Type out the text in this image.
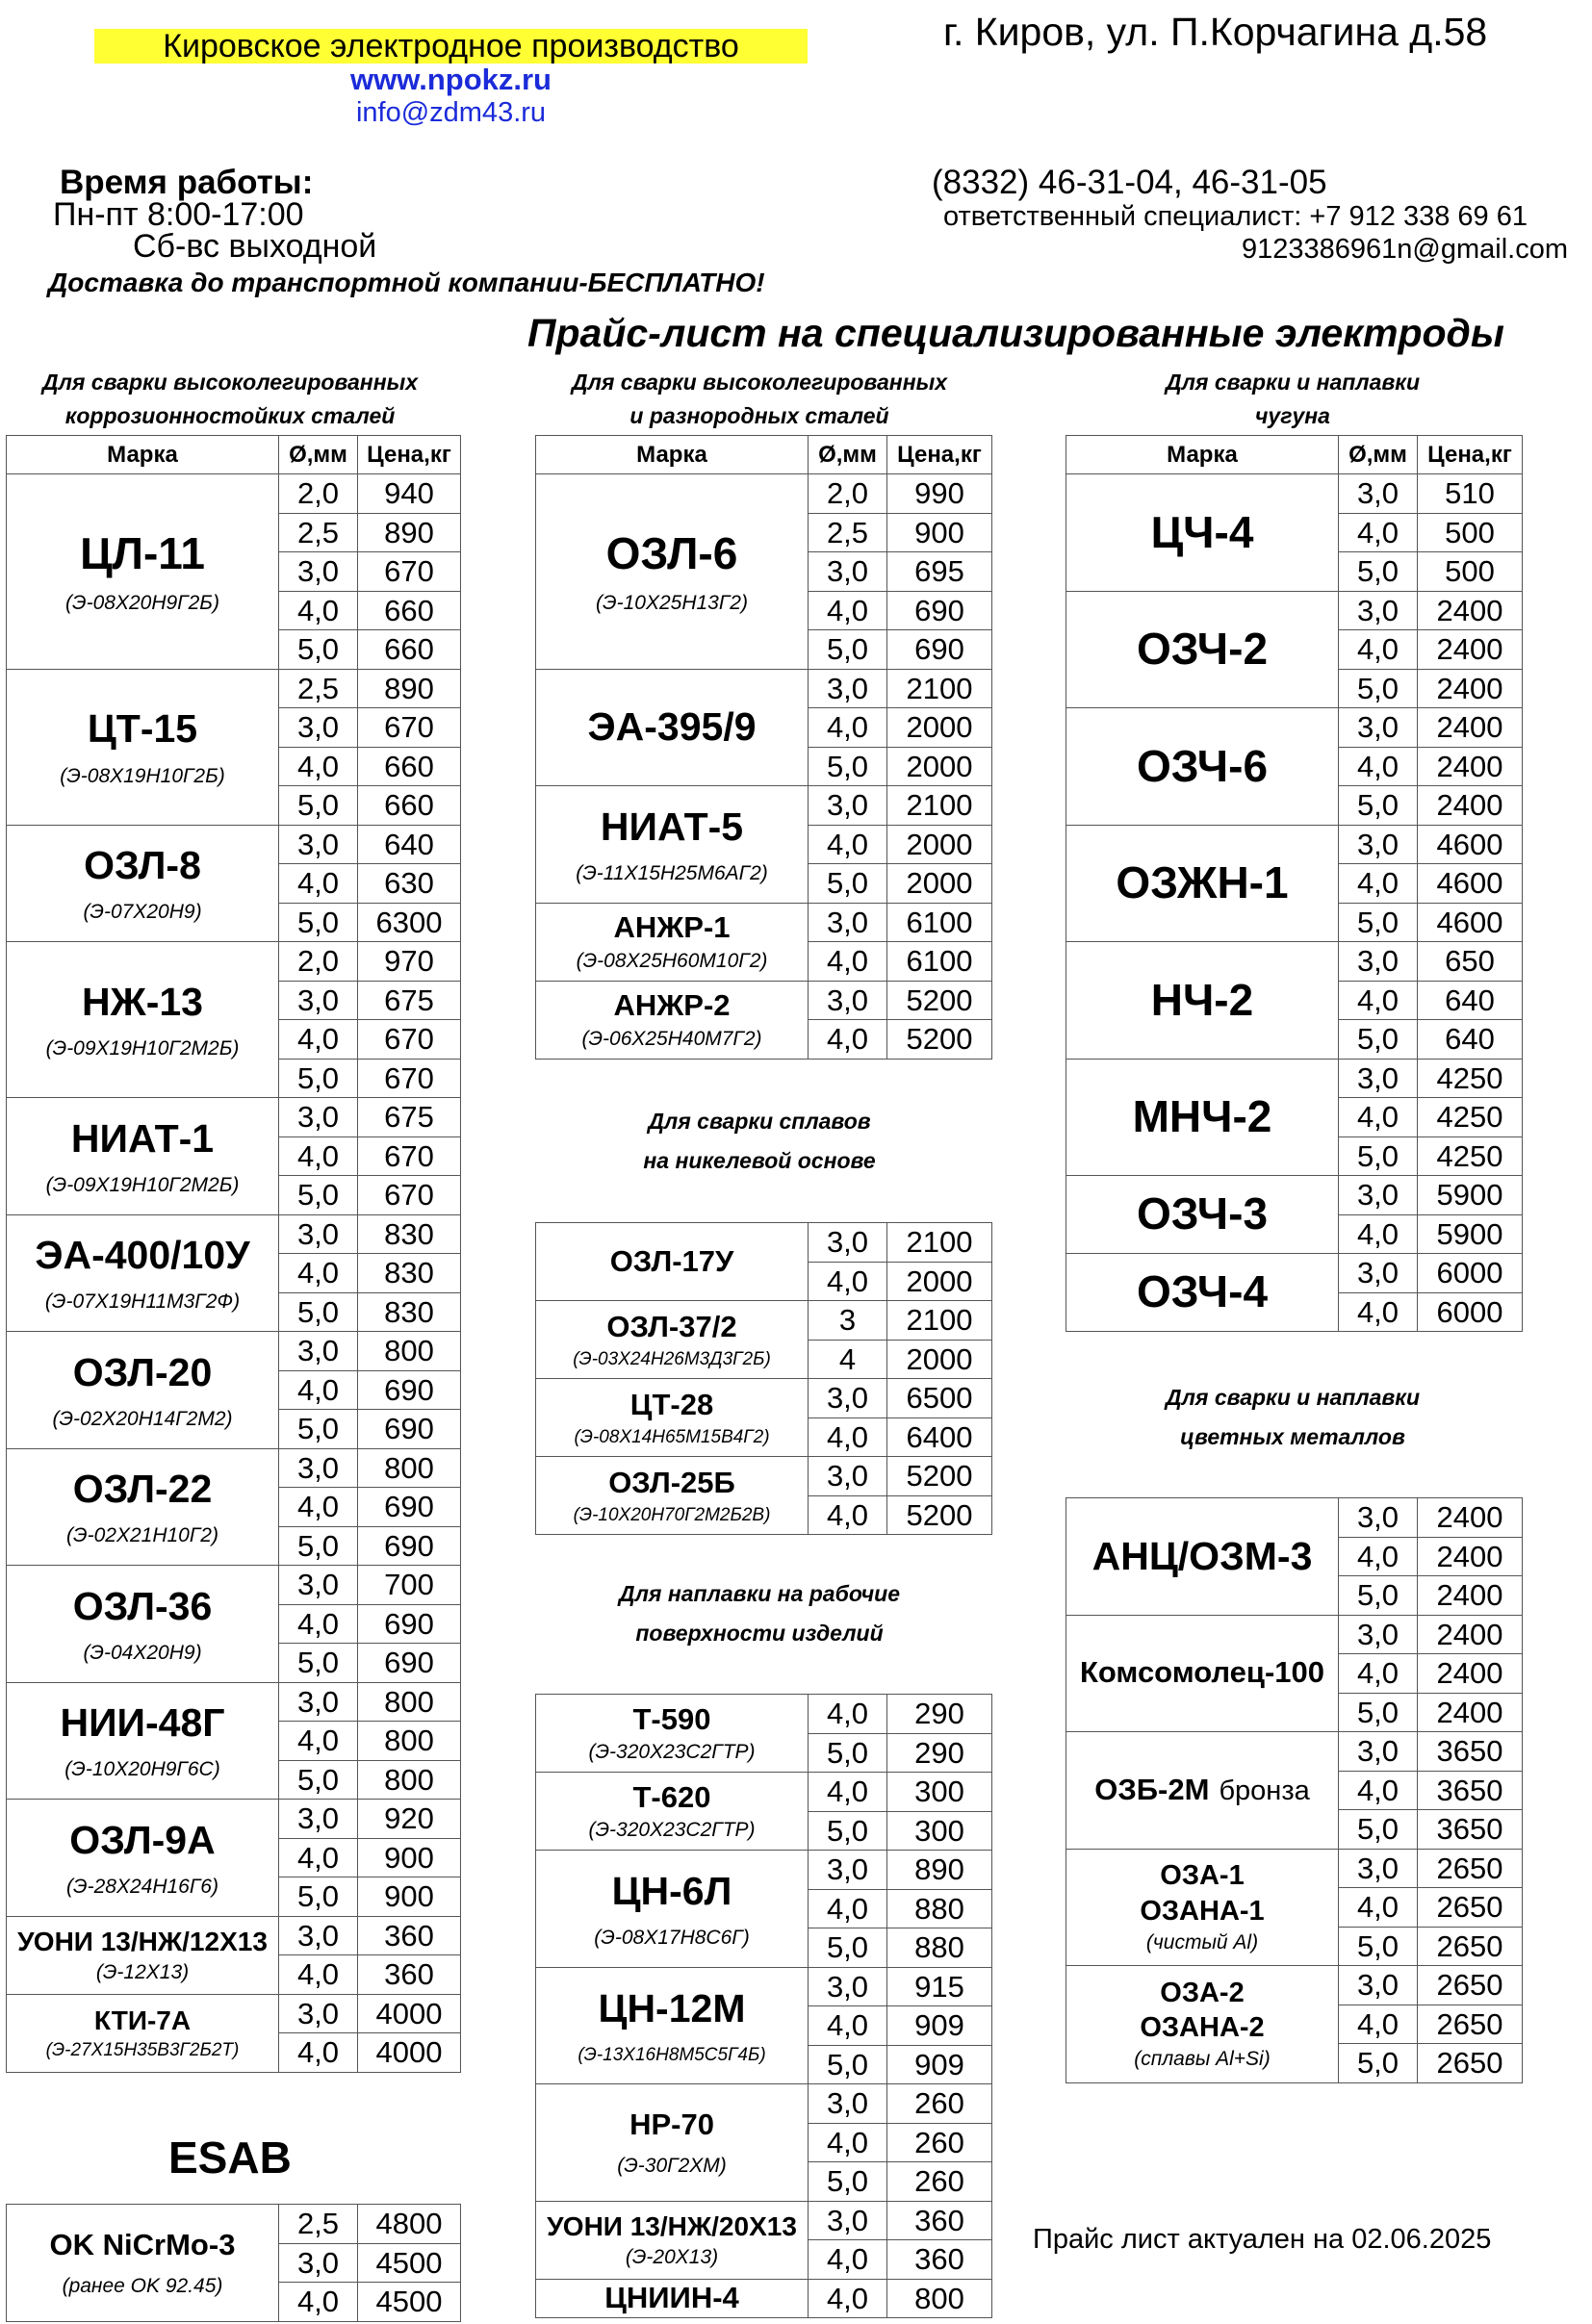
Кировское электродное производство
www.npokz.ru
info@zdm43.ru
г. Киров, ул. П.Корчагина д.58
Время работы:
Пн-пт 8:00-17:00
Сб-вс выходной
Доставка до транспортной компании-БЕСПЛАТНО!
(8332) 46-31-04, 46-31-05
ответственный специалист: +7 912 338 69 61
9123386961n@gmail.com
Прайс-лист на специализированные электроды
Для сварки высоколегированных
коррозионностойких сталей
Для сварки высоколегированных
и разнородных сталей
Для сварки и наплавки
чугуна
Для сварки сплавов
на никелевой основе
Для наплавки на рабочие
поверхности изделий
Для сварки и наплавки
цветных металлов
Марка	Ø,мм	Цена,кг

ЦЛ-11
(Э-08Х20Н9Г2Б)	2,0	940
	2,5	890
	3,0	670
	4,0	660
	5,0	660

ЦТ-15
(Э-08Х19Н10Г2Б)	2,5	890
	3,0	670
	4,0	660
	5,0	660

ОЗЛ-8
(Э-07Х20Н9)	3,0	640
	4,0	630
	5,0	6300

НЖ-13
(Э-09Х19Н10Г2М2Б)	2,0	970
	3,0	675
	4,0	670
	5,0	670

НИАТ-1
(Э-09Х19Н10Г2М2Б)	3,0	675
	4,0	670
	5,0	670

ЭА-400/10У
(Э-07Х19Н11М3Г2Ф)	3,0	830
	4,0	830
	5,0	830

ОЗЛ-20
(Э-02Х20Н14Г2М2)	3,0	800
	4,0	690
	5,0	690

ОЗЛ-22
(Э-02Х21Н10Г2)	3,0	800
	4,0	690
	5,0	690

ОЗЛ-36
(Э-04Х20Н9)	3,0	700
	4,0	690
	5,0	690

НИИ-48Г
(Э-10Х20Н9Г6С)	3,0	800
	4,0	800
	5,0	800

ОЗЛ-9А
(Э-28Х24Н16Г6)	3,0	920
	4,0	900
	5,0	900

УОНИ 13/НЖ/12Х13
(Э-12Х13)	3,0	360
	4,0	360

КТИ-7А
(Э-27Х15Н35В3Г2Б2Т)	3,0	4000
	4,0	4000
Марка	Ø,мм	Цена,кг

ОЗЛ-6
(Э-10Х25Н13Г2)	2,0	990
	2,5	900
	3,0	695
	4,0	690
	5,0	690

ЭА-395/9	3,0	2100
	4,0	2000
	5,0	2000

НИАТ-5
(Э-11Х15Н25М6АГ2)	3,0	2100
	4,0	2000
	5,0	2000

АНЖР-1
(Э-08Х25Н60М10Г2)	3,0	6100
	4,0	6100

АНЖР-2
(Э-06Х25Н40М7Г2)	3,0	5200
	4,0	5200
Марка	Ø,мм	Цена,кг

ЦЧ-4	3,0	510
	4,0	500
	5,0	500

ОЗЧ-2	3,0	2400
	4,0	2400
	5,0	2400

ОЗЧ-6	3,0	2400
	4,0	2400
	5,0	2400

ОЗЖН-1	3,0	4600
	4,0	4600
	5,0	4600

НЧ-2	3,0	650
	4,0	640
	5,0	640

МНЧ-2	3,0	4250
	4,0	4250
	5,0	4250

ОЗЧ-3	3,0	5900
	4,0	5900

ОЗЧ-4	3,0	6000
	4,0	6000
ОЗЛ-17У	3,0	2100
	4,0	2000

ОЗЛ-37/2
(Э-03Х24Н26М3Д3Г2Б)	3	2100
	4	2000

ЦТ-28
(Э-08Х14Н65М15В4Г2)	3,0	6500
	4,0	6400

ОЗЛ-25Б
(Э-10Х20Н70Г2М2Б2В)	3,0	5200
	4,0	5200
Т-590
(Э-320Х23С2ГТР)	4,0	290
	5,0	290

Т-620
(Э-320Х23С2ГТР)	4,0	300
	5,0	300

ЦН-6Л
(Э-08Х17Н8С6Г)	3,0	890
	4,0	880
	5,0	880

ЦН-12М
(Э-13Х16Н8М5С5Г4Б)	3,0	915
	4,0	909
	5,0	909

НР-70
(Э-30Г2ХМ)	3,0	260
	4,0	260
	5,0	260

УОНИ 13/НЖ/20Х13
(Э-20Х13)	3,0	360
	4,0	360

ЦНИИН-4	4,0	800
АНЦ/ОЗМ-3	3,0	2400
	4,0	2400
	5,0	2400

Комсомолец-100	3,0	2400
	4,0	2400
	5,0	2400

ОЗБ-2М бронза	3,0	3650
	4,0	3650
	5,0	3650

ОЗА-1
ОЗАНА-1
(чистый Al)	3,0	2650
	4,0	2650
	5,0	2650

ОЗА-2
ОЗАНА-2
(сплавы Al+Si)	3,0	2650
	4,0	2650
	5,0	2650
OK NiCrMo-3
(ранее OK 92.45)	2,5	4800
	3,0	4500
	4,0	4500
ESAB
Прайс лист актуален на 02.06.2025
